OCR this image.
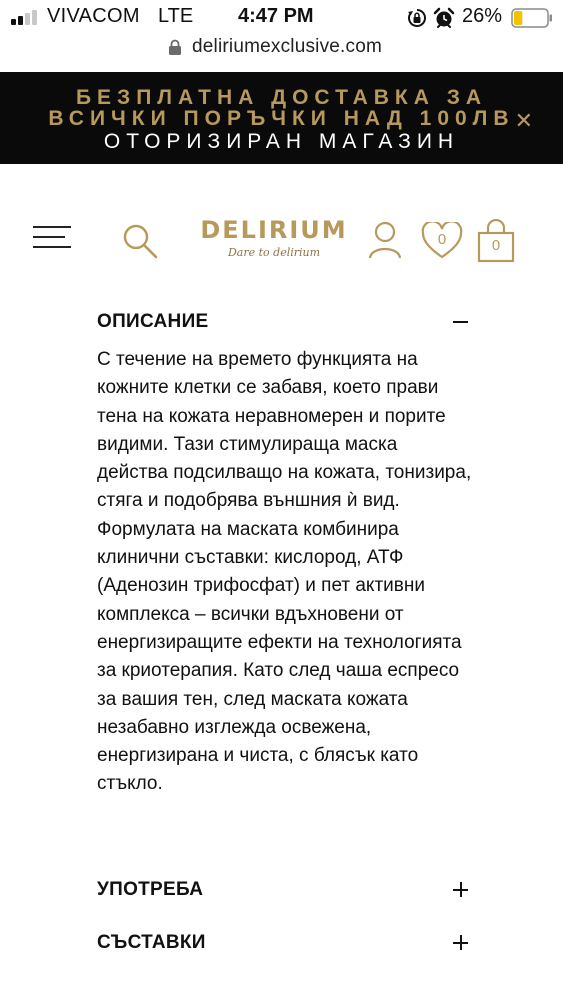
VIVACOM LTE 4:47 PM	26%
deliriumexclusive.com
БЕЗПЛАТНА ДОСТАВКА ЗА
ВСИЧКИ ПОРЪЧКИ НАД 100ЛВ
ОТОРИЗИРАН МАГАЗИН
✕
DELIRIUM
Dare to delirium
0	0
ОПИСАНИЕ
С течение на времето функцията на кожните клетки се забавя, което прави тена на кожата неравномерен и порите видими. Тази стимулираща маска действа подсилващо на кожата, тонизира, стяга и подобрява външния ѝ вид. Формулата на маската комбинира клинични съставки: кислород, АТФ (Аденозин трифосфат) и пет активни комплекса – всички вдъхновени от енергизиращите ефекти на технологията за криотерапия. Като след чаша еспресо за вашия тен, след маската кожата незабавно изглежда освежена, енергизирана и чиста, с блясък като стъкло.
УПОТРЕБА
СЪСТАВКИ
